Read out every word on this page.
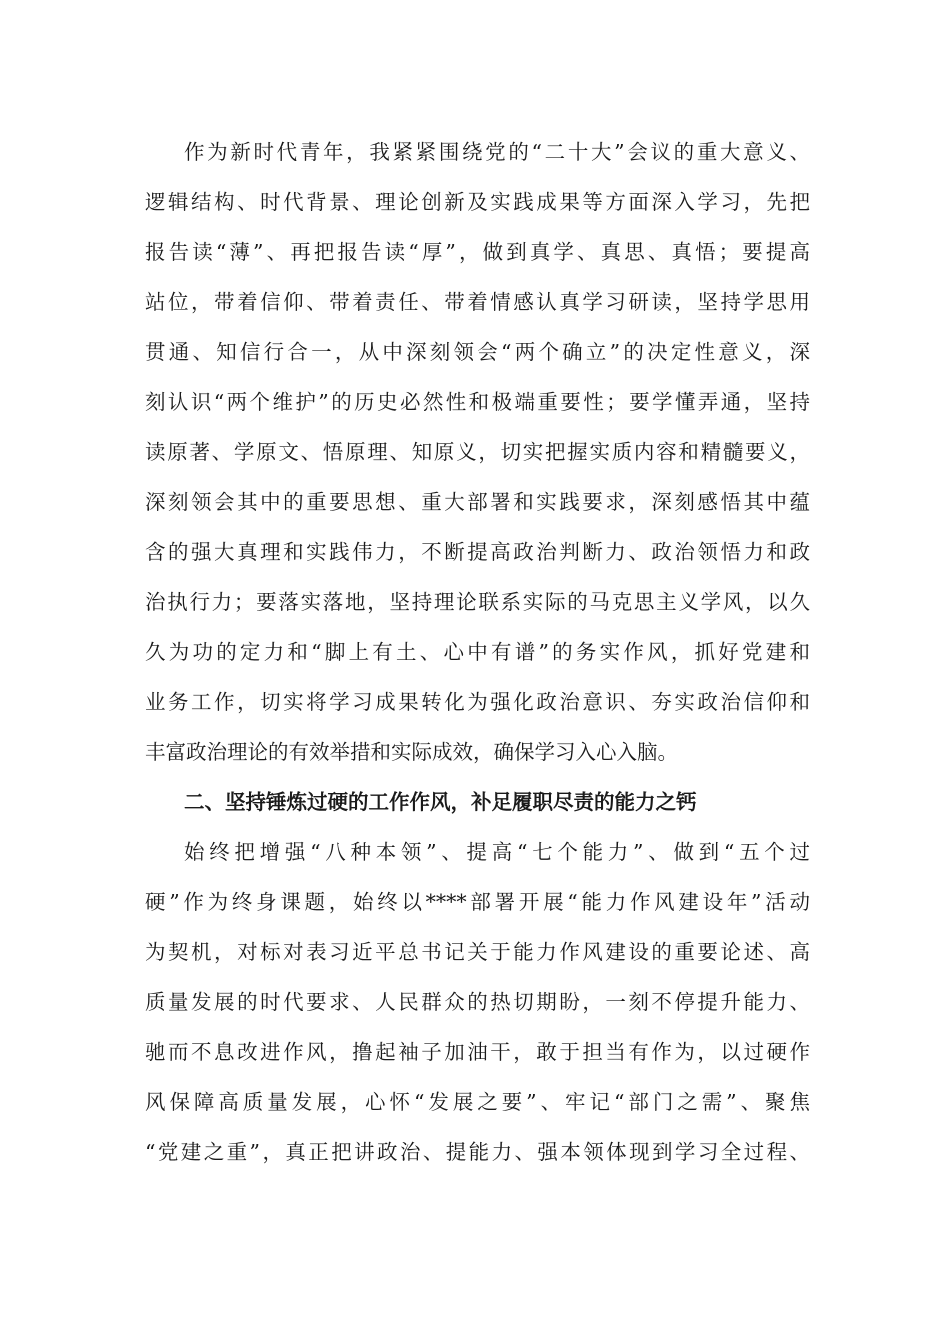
作为新时代青年，我紧紧围绕党的“二十大”会议的重大意义、
逻辑结构、时代背景、理论创新及实践成果等方面深入学习，先把
报告读“薄”、再把报告读“厚”，做到真学、真思、真悟；要提高
站位，带着信仰、带着责任、带着情感认真学习研读，坚持学思用
贯通、知信行合一，从中深刻领会“两个确立”的决定性意义，深
刻认识“两个维护”的历史必然性和极端重要性；要学懂弄通，坚持
读原著、学原文、悟原理、知原义，切实把握实质内容和精髓要义，
深刻领会其中的重要思想、重大部署和实践要求，深刻感悟其中蕴
含的强大真理和实践伟力，不断提高政治判断力、政治领悟力和政
治执行力；要落实落地，坚持理论联系实际的马克思主义学风，以久
久为功的定力和“脚上有土、心中有谱”的务实作风，抓好党建和
业务工作，切实将学习成果转化为强化政治意识、夯实政治信仰和
丰富政治理论的有效举措和实际成效，确保学习入心入脑。
二、坚持锤炼过硬的工作作风，补足履职尽责的能力之钙
始终把增强“八种本领”、提高“七个能力”、做到“五个过
硬”作为终身课题，始终以****部署开展“能力作风建设年”活动
为契机，对标对表习近平总书记关于能力作风建设的重要论述、高
质量发展的时代要求、人民群众的热切期盼，一刻不停提升能力、
驰而不息改进作风，撸起袖子加油干，敢于担当有作为，以过硬作
风保障高质量发展，心怀“发展之要”、牢记“部门之需”、聚焦
“党建之重”，真正把讲政治、提能力、强本领体现到学习全过程、
